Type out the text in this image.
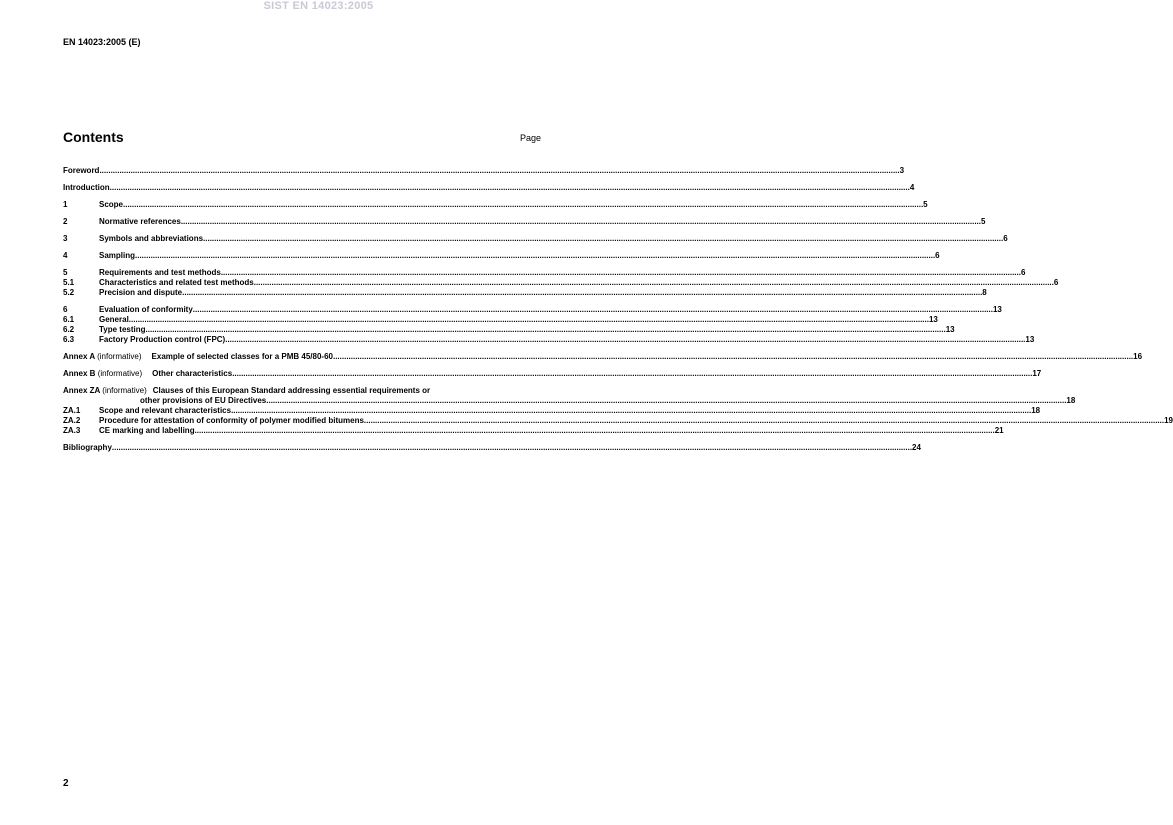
SIST EN 14023:2005
EN 14023:2005 (E)
Contents	Page
Foreword .....	3
Introduction .....	4
1	Scope .....	5
2	Normative references .....	5
3	Symbols and abbreviations .....	6
4	Sampling .....	6
5	Requirements and test methods .....	6
5.1	Characteristics and related test methods .....	6
5.2	Precision and dispute .....	8
6	Evaluation of conformity .....	13
6.1	General .....	13
6.2	Type testing .....	13
6.3	Factory Production control (FPC) .....	13
Annex A (informative) Example of selected classes for a PMB 45/80-60 .....	16
Annex B (informative) Other characteristics .....	17
Annex ZA (informative) Clauses of this European Standard addressing essential requirements or
other provisions of EU Directives .....	18
ZA.1	Scope and relevant characteristics .....	18
ZA.2	Procedure for attestation of conformity of polymer modified bitumens .....	19
ZA.3	CE marking and labelling .....	21
Bibliography .....	24
2
